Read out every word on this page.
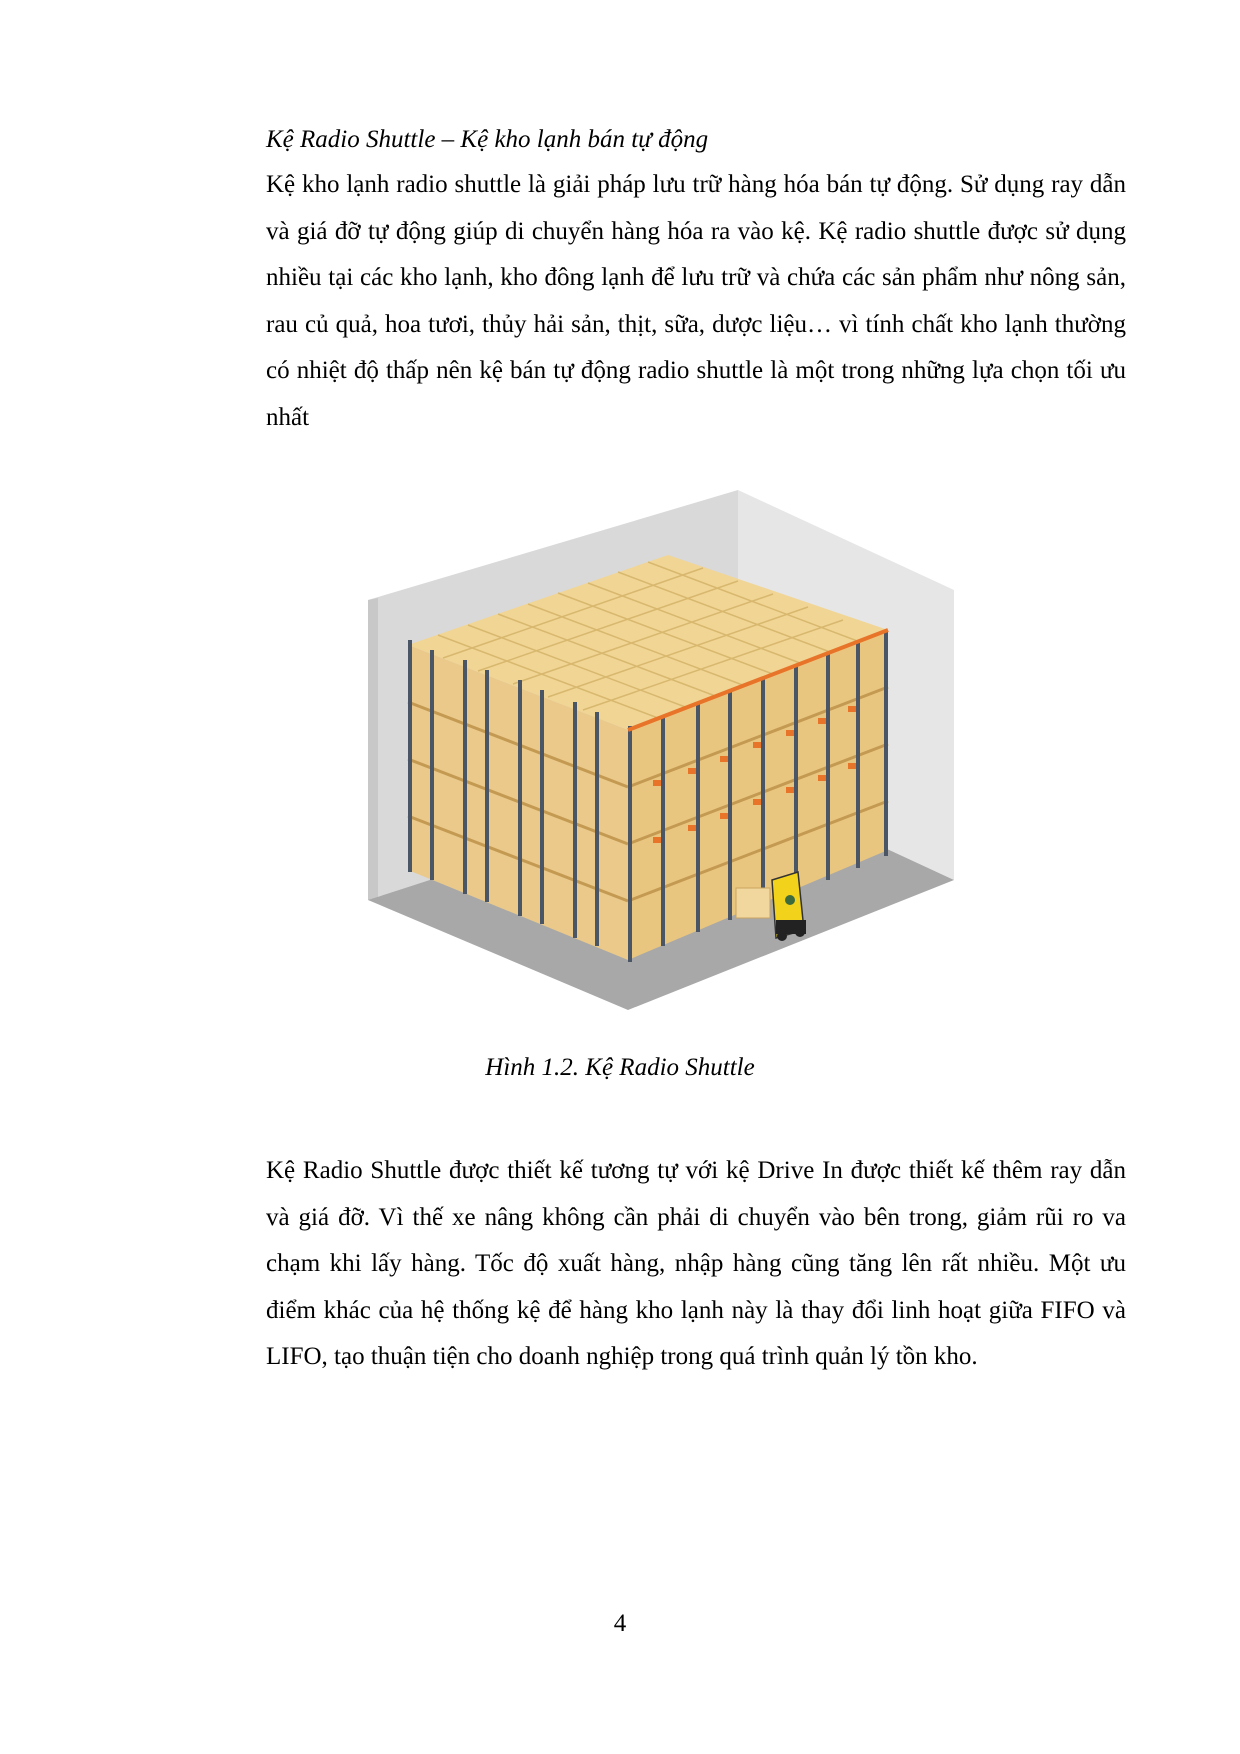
Kệ Radio Shuttle – Kệ kho lạnh bán tự động
Kệ kho lạnh radio shuttle là giải pháp lưu trữ hàng hóa bán tự động. Sử dụng ray dẫn và giá đỡ tự động giúp di chuyển hàng hóa ra vào kệ. Kệ radio shuttle được sử dụng nhiều tại các kho lạnh, kho đông lạnh để lưu trữ và chứa các sản phẩm như nông sản, rau củ quả, hoa tươi, thủy hải sản, thịt, sữa, dược liệu… vì tính chất kho lạnh thường có nhiệt độ thấp nên kệ bán tự động radio shuttle là một trong những lựa chọn tối ưu nhất
Hình 1.2. Kệ Radio Shuttle
Kệ Radio Shuttle được thiết kế tương tự với kệ Drive In được thiết kế thêm ray dẫn và giá đỡ. Vì thế xe nâng không cần phải di chuyển vào bên trong, giảm rũi ro va chạm khi lấy hàng. Tốc độ xuất hàng, nhập hàng cũng tăng lên rất nhiều. Một ưu điểm khác của hệ thống kệ để hàng kho lạnh này là thay đổi linh hoạt giữa FIFO và LIFO, tạo thuận tiện cho doanh nghiệp trong quá trình quản lý tồn kho.
4
